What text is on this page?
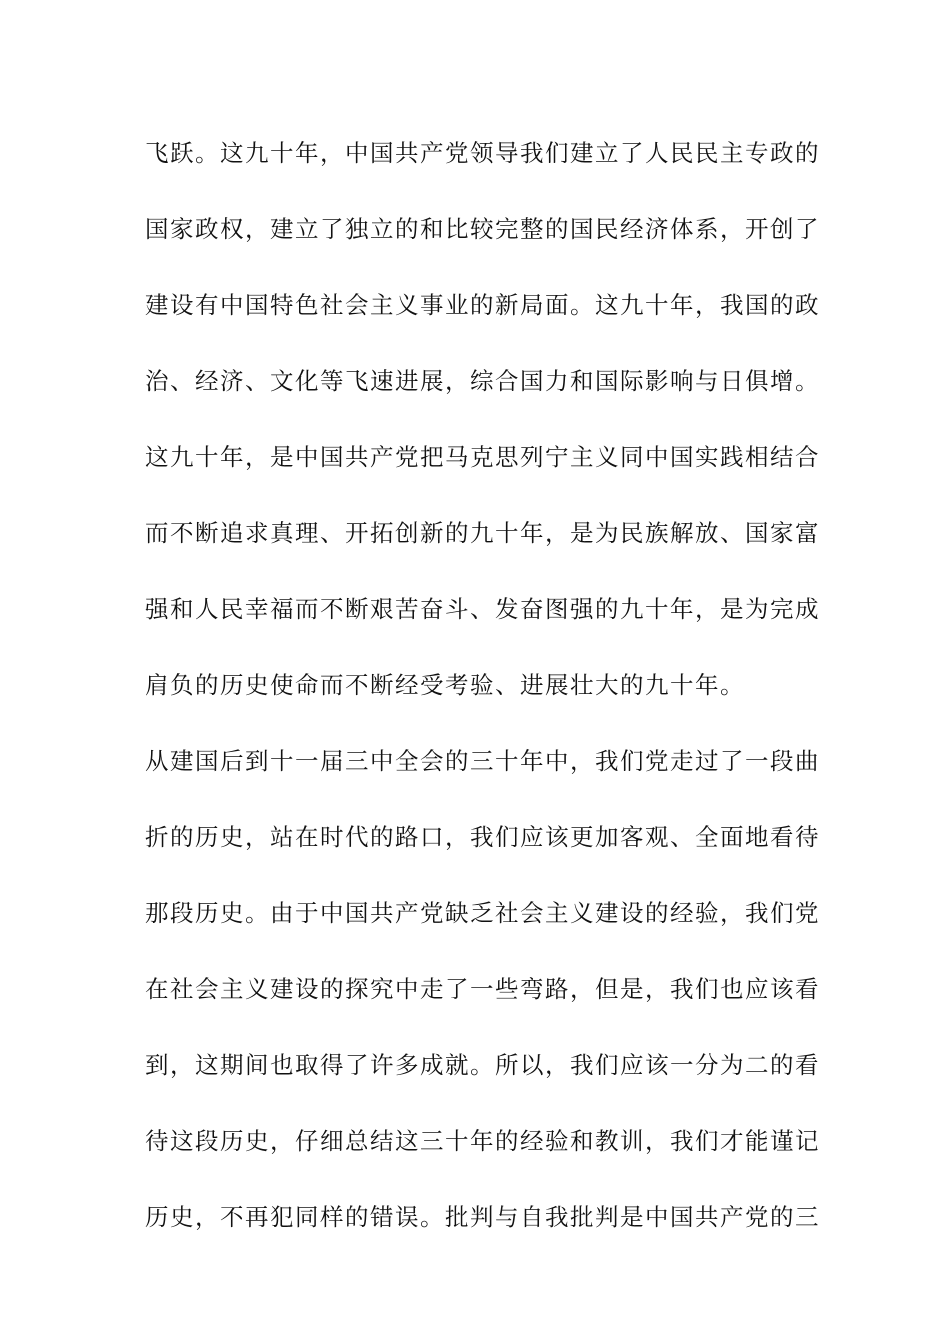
飞跃。这九十年，中国共产党领导我们建立了人民民主专政的
国家政权，建立了独立的和比较完整的国民经济体系，开创了
建设有中国特色社会主义事业的新局面。这九十年，我国的政
治、经济、文化等飞速进展，综合国力和国际影响与日俱增。
这九十年，是中国共产党把马克思列宁主义同中国实践相结合
而不断追求真理、开拓创新的九十年，是为民族解放、国家富
强和人民幸福而不断艰苦奋斗、发奋图强的九十年，是为完成
肩负的历史使命而不断经受考验、进展壮大的九十年。
从建国后到十一届三中全会的三十年中，我们党走过了一段曲
折的历史，站在时代的路口，我们应该更加客观、全面地看待
那段历史。由于中国共产党缺乏社会主义建设的经验，我们党
在社会主义建设的探究中走了一些弯路，但是，我们也应该看
到，这期间也取得了许多成就。所以，我们应该一分为二的看
待这段历史，仔细总结这三十年的经验和教训，我们才能谨记
历史，不再犯同样的错误。批判与自我批判是中国共产党的三
